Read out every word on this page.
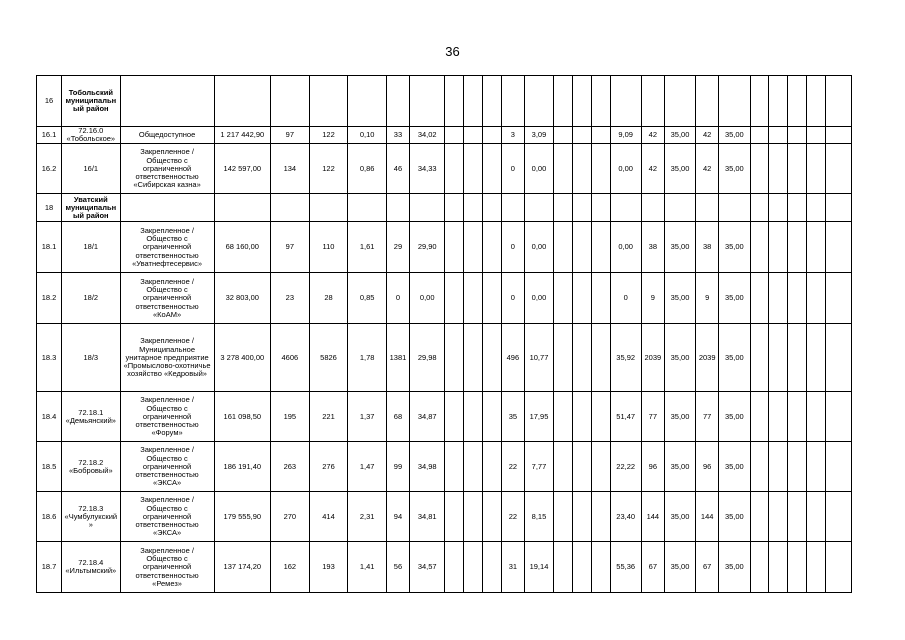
36
16	Тобольский муниципальный район																									
16.1	72.16.0 «Тобольское»	Общедоступное	1 217 442,90	97	122	0,10	33	34,02				3	3,09				9,09	42	35,00	42	35,00					
16.2	16/1	Закрепленное / Общество с ограниченной ответственностью «Сибирская казна»	142 597,00	134	122	0,86	46	34,33				0	0,00				0,00	42	35,00	42	35,00					
18	Уватский муниципальный район																									
18.1	18/1	Закрепленное / Общество с ограниченной ответственностью «Уватнефтесервис»	68 160,00	97	110	1,61	29	29,90				0	0,00				0,00	38	35,00	38	35,00					
18.2	18/2	Закрепленное / Общество с ограниченной ответственностью «КоАМ»	32 803,00	23	28	0,85	0	0,00				0	0,00				0	9	35,00	9	35,00					
18.3	18/3	Закрепленное / Муниципальное унитарное предприятие «Промыслово-охотничье хозяйство «Кедровый»	3 278 400,00	4606	5826	1,78	1381	29,98				496	10,77				35,92	2039	35,00	2039	35,00					
18.4	72.18.1 «Демьянский»	Закрепленное / Общество с ограниченной ответственностью «Форум»	161 098,50	195	221	1,37	68	34,87				35	17,95				51,47	77	35,00	77	35,00					
18.5	72.18.2 «Бобровый»	Закрепленное / Общество с ограниченной ответственностью «ЭКСА»	186 191,40	263	276	1,47	99	34,98				22	7,77				22,22	96	35,00	96	35,00					
18.6	72.18.3 «Чумбулукский»	Закрепленное / Общество с ограниченной ответственностью «ЭКСА»	179 555,90	270	414	2,31	94	34,81				22	8,15				23,40	144	35,00	144	35,00					
18.7	72.18.4 «Ильтымский»	Закрепленное / Общество с ограниченной ответственностью «Ремез»	137 174,20	162	193	1,41	56	34,57				31	19,14				55,36	67	35,00	67	35,00					
